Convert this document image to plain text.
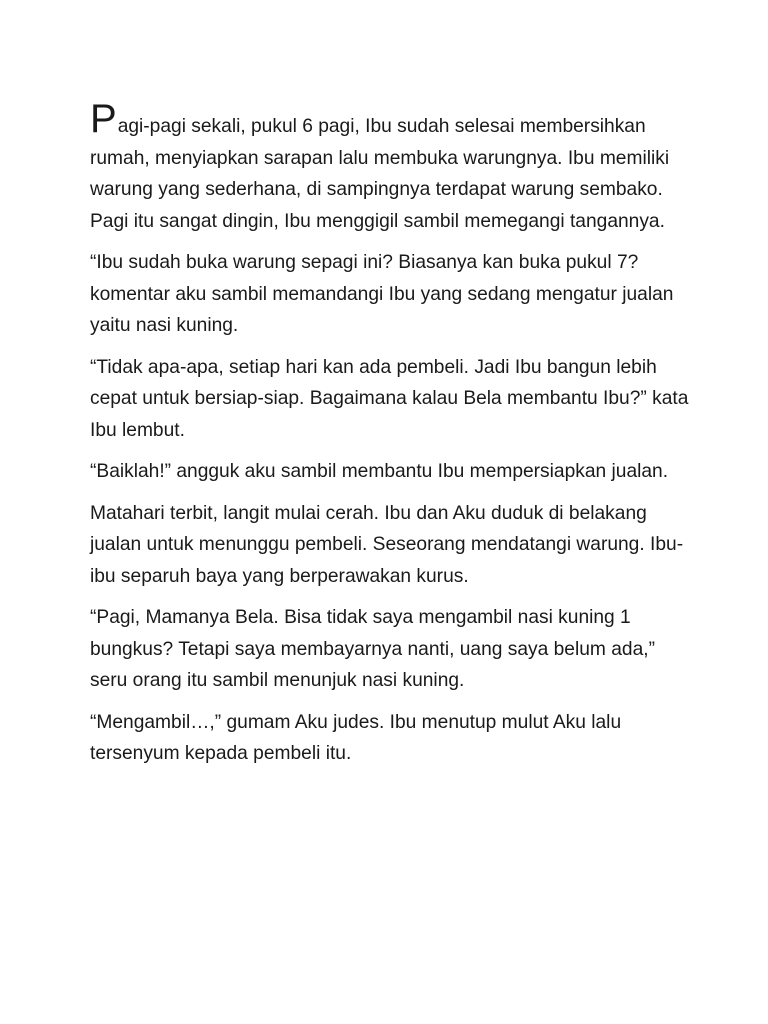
Pagi-pagi sekali, pukul 6 pagi, Ibu sudah selesai membersihkan rumah, menyiapkan sarapan lalu membuka warungnya. Ibu memiliki warung yang sederhana, di sampingnya terdapat warung sembako. Pagi itu sangat dingin, Ibu menggigil sambil memegangi tangannya.

“Ibu sudah buka warung sepagi ini? Biasanya kan buka pukul 7? komentar aku sambil memandangi Ibu yang sedang mengatur jualan yaitu nasi kuning.

“Tidak apa-apa, setiap hari kan ada pembeli. Jadi Ibu bangun lebih cepat untuk bersiap-siap. Bagaimana kalau Bela membantu Ibu?” kata Ibu lembut.

“Baiklah!” angguk aku sambil membantu Ibu mempersiapkan jualan.

Matahari terbit, langit mulai cerah. Ibu dan Aku duduk di belakang jualan untuk menunggu pembeli. Seseorang mendatangi warung. Ibu-ibu separuh baya yang berperawakan kurus.

“Pagi, Mamanya Bela. Bisa tidak saya mengambil nasi kuning 1 bungkus? Tetapi saya membayarnya nanti, uang saya belum ada,” seru orang itu sambil menunjuk nasi kuning.

“Mengambil…,” gumam Aku judes. Ibu menutup mulut Aku lalu tersenyum kepada pembeli itu.
